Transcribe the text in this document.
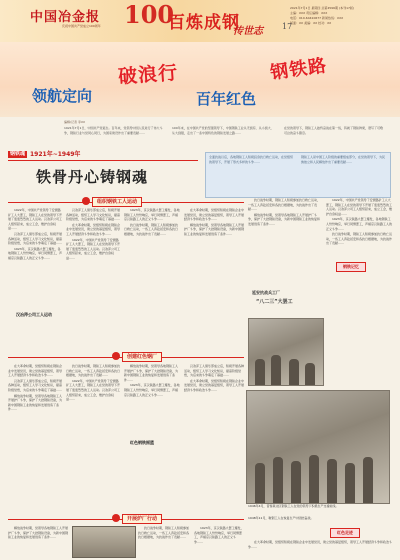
中国冶金报
庆祝中国共产党成立100周年 100
百炼成钢
传世志 17
2021年7月1日 星期四 总第4596期 (本刊17版)
主编：XXX 责任编辑：XXX
电话：010-64410677 新闻热线：XXX
版面：XX 美编：XX 校对：XX
破浪行	钢铁路
领航定向	百年红色
编辑/记者 李XX
1921年7月1日，中国共产党诞生。百年来，党领导中国人民进行了伟大斗争，钢铁行业与党同心同行，为国家建设作出了重要贡献……
100年来，在中国共产党的坚强领导下，中国钢铁工业从无到有、从小到大、从大到强，走出了一条中国特色的钢铁发展之路……
在党的领导下，钢铁工人始终奋战在第一线，铸就了钢铁脊梁，谱写了可歌可泣的奋斗篇章。
钢铁魂 1921年~1949年
铁骨丹心铸钢魂
全面抗战以后，各地钢铁工人积极投身抗日救亡运动，在党组织的领导下，开展了形式多样的斗争……
钢铁工人是中国工人阶级的重要组成部分，在党的领导下，为民族独立和人民解放作出了重要贡献……
组织钢铁工人运动

1922年，中国共产党领导了安源路矿工人大罢工，钢铁工人在党的领导下开展了轰轰烈烈的工人运动。汉冶萍公司工人组织起来，成立工会，维护自身权益……

汉冶萍工人俱乐部成立后，积极开展各种活动，组织工人学习文化知识，提高阶级觉悟，为后来的斗争奠定了基础……

1923年，京汉铁路大罢工爆发，各地钢铁工人纷纷响应，举行同情罢工，声援京汉铁路工人的正义斗争……

汉冶萍公司工人运动

汉冶萍工人俱乐部成立后，积极开展各种活动，组织工人学习文化知识，提高阶级觉悟，为后来的斗争奠定了基础……

在大革命时期，党组织积极在钢铁企业中发展党员，建立党的基层组织，领导工人开展经济斗争和政治斗争……

1922年，中国共产党领导了安源路矿工人大罢工，钢铁工人在党的领导下开展了轰轰烈烈的工人运动。汉冶萍公司工人组织起来，成立工会，维护自身权益……

1923年，京汉铁路大罢工爆发，各地钢铁工人纷纷响应，举行同情罢工，声援京汉铁路工人的正义斗争……

抗日战争时期，钢铁工人积极参加抗日救亡运动，一些工人奔赴延安和各抗日根据地，为抗战作出了贡献……

在大革命时期，党组织积极在钢铁企业中发展党员，建立党的基层组织，领导工人开展经济斗争和政治斗争……

解放战争时期，党领导各地钢铁工人开展护厂斗争，保护了大批钢铁设备，为新中国钢铁工业的恢复和发展创造了条件……

抗日战争时期，钢铁工人积极参加抗日救亡运动，一些工人奔赴延安和各抗日根据地，为抗战作出了贡献……

解放战争时期，党领导各地钢铁工人开展护厂斗争，保护了大批钢铁设备，为新中国钢铁工业的恢复和发展创造了条件……

1922年，中国共产党领导了安源路矿工人大罢工，钢铁工人在党的领导下开展了轰轰烈烈的工人运动。汉冶萍公司工人组织起来，成立工会，维护自身权益……

1923年，京汉铁路大罢工爆发，各地钢铁工人纷纷响应，举行同情罢工，声援京汉铁路工人的正义斗争……

抗日战争时期，钢铁工人积极参加抗日救亡运动，一些工人奔赴延安和各抗日根据地，为抗战作出了贡献……

钢铁记忆
延安抗战兵工厂
“八二三”大罢工
创建红色钢厂

在大革命时期，党组织积极在钢铁企业中发展党员，建立党的基层组织，领导工人开展经济斗争和政治斗争……

汉冶萍工人俱乐部成立后，积极开展各种活动，组织工人学习文化知识，提高阶级觉悟，为后来的斗争奠定了基础……

解放战争时期，党领导各地钢铁工人开展护厂斗争，保护了大批钢铁设备，为新中国钢铁工业的恢复和发展创造了条件……

抗日战争时期，钢铁工人积极参加抗日救亡运动，一些工人奔赴延安和各抗日根据地，为抗战作出了贡献……

1922年，中国共产党领导了安源路矿工人大罢工，钢铁工人在党的领导下开展了轰轰烈烈的工人运动。汉冶萍公司工人组织起来，成立工会，维护自身权益……

解放战争时期，党领导各地钢铁工人开展护厂斗争，保护了大批钢铁设备，为新中国钢铁工业的恢复和发展创造了条件……

1923年，京汉铁路大罢工爆发，各地钢铁工人纷纷响应，举行同情罢工，声援京汉铁路工人的正义斗争……

红色钢铁摇篮

汉冶萍工人俱乐部成立后，积极开展各种活动，组织工人学习文化知识，提高阶级觉悟，为后来的斗争奠定了基础……

在大革命时期，党组织积极在钢铁企业中发展党员，建立党的基层组织，领导工人开展经济斗争和政治斗争……

1946年4月，晋察冀边区钢铁工人在党的领导下积极生产支援前线。
开展炉厂行动

解放战争时期，党领导各地钢铁工人开展护厂斗争，保护了大批钢铁设备，为新中国钢铁工业的恢复和发展创造了条件……

抗日战争时期，钢铁工人积极参加抗日救亡运动，一些工人奔赴延安和各抗日根据地，为抗战作出了贡献……

1923年，京汉铁路大罢工爆发，各地钢铁工人纷纷响应，举行同情罢工，声援京汉铁路工人的正义斗争……

1948年11月，鞍钢工人在恢复生产中团结奋战。
红色足迹

在大革命时期，党组织积极在钢铁企业中发展党员，建立党的基层组织，领导工人开展经济斗争和政治斗争……
